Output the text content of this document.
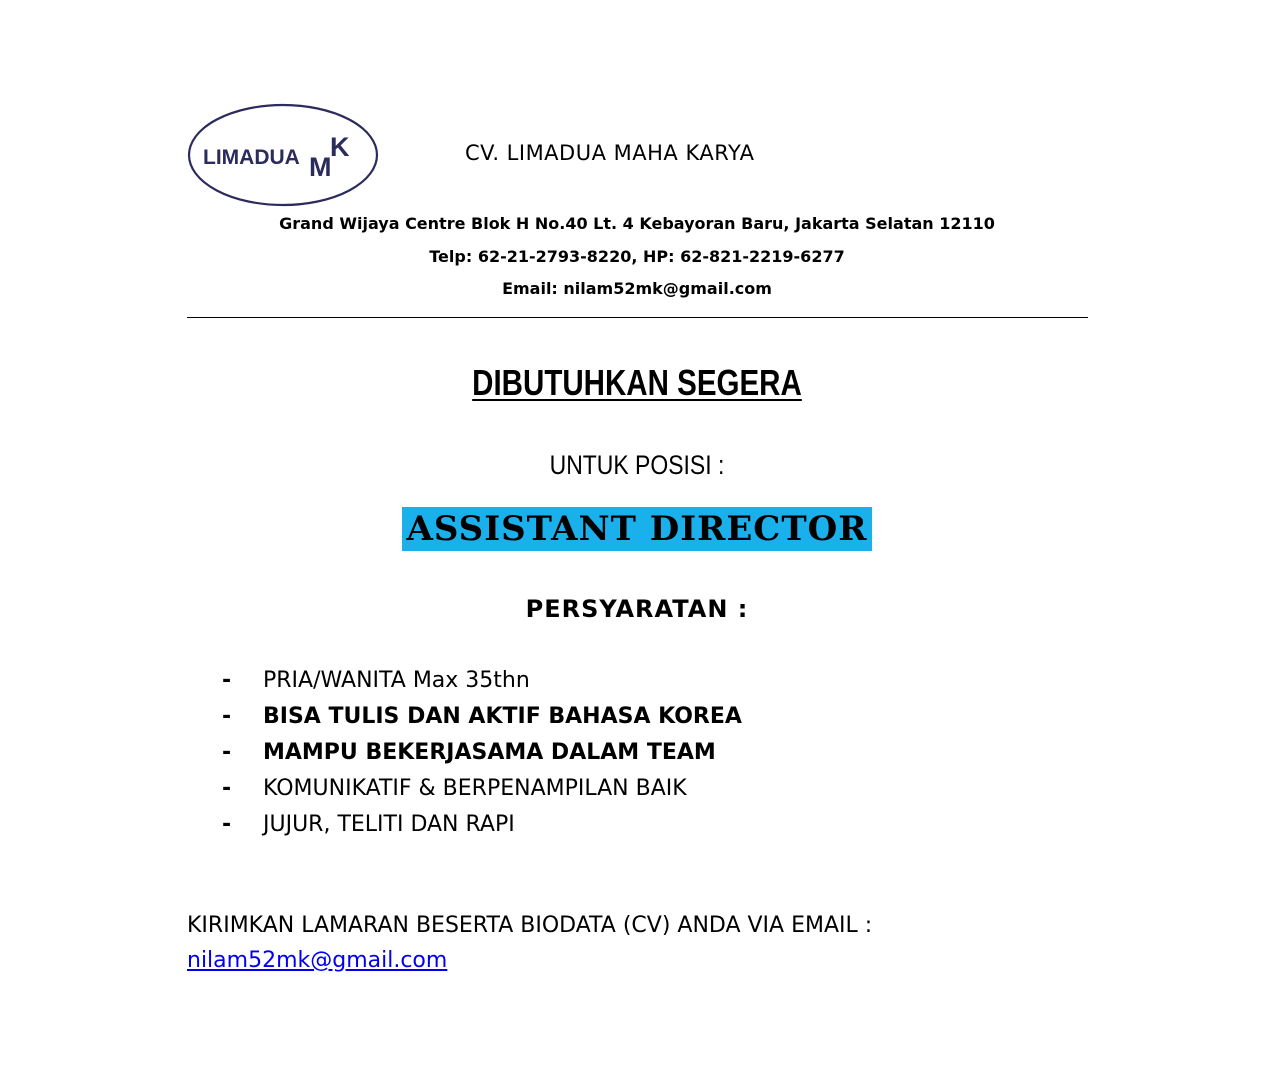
LIMADUA M
K	CV. LIMADUA MAHA KARYA
Grand Wijaya Centre Blok H No.40 Lt. 4 Kebayoran Baru, Jakarta Selatan 12110
Telp: 62-21-2793-8220, HP: 62-821-2219-6277
Email: nilam52mk@gmail.com
DIBUTUHKAN SEGERA
UNTUK POSISI :
ASSISTANT DIRECTOR
PERSYARATAN :
-	PRIA/WANITA Max 35thn
-	BISA TULIS DAN AKTIF BAHASA KOREA
-	MAMPU BEKERJASAMA DALAM TEAM
-	KOMUNIKATIF & BERPENAMPILAN BAIK
-	JUJUR, TELITI DAN RAPI
KIRIMKAN LAMARAN BESERTA BIODATA (CV) ANDA VIA EMAIL :
nilam52mk@gmail.com
